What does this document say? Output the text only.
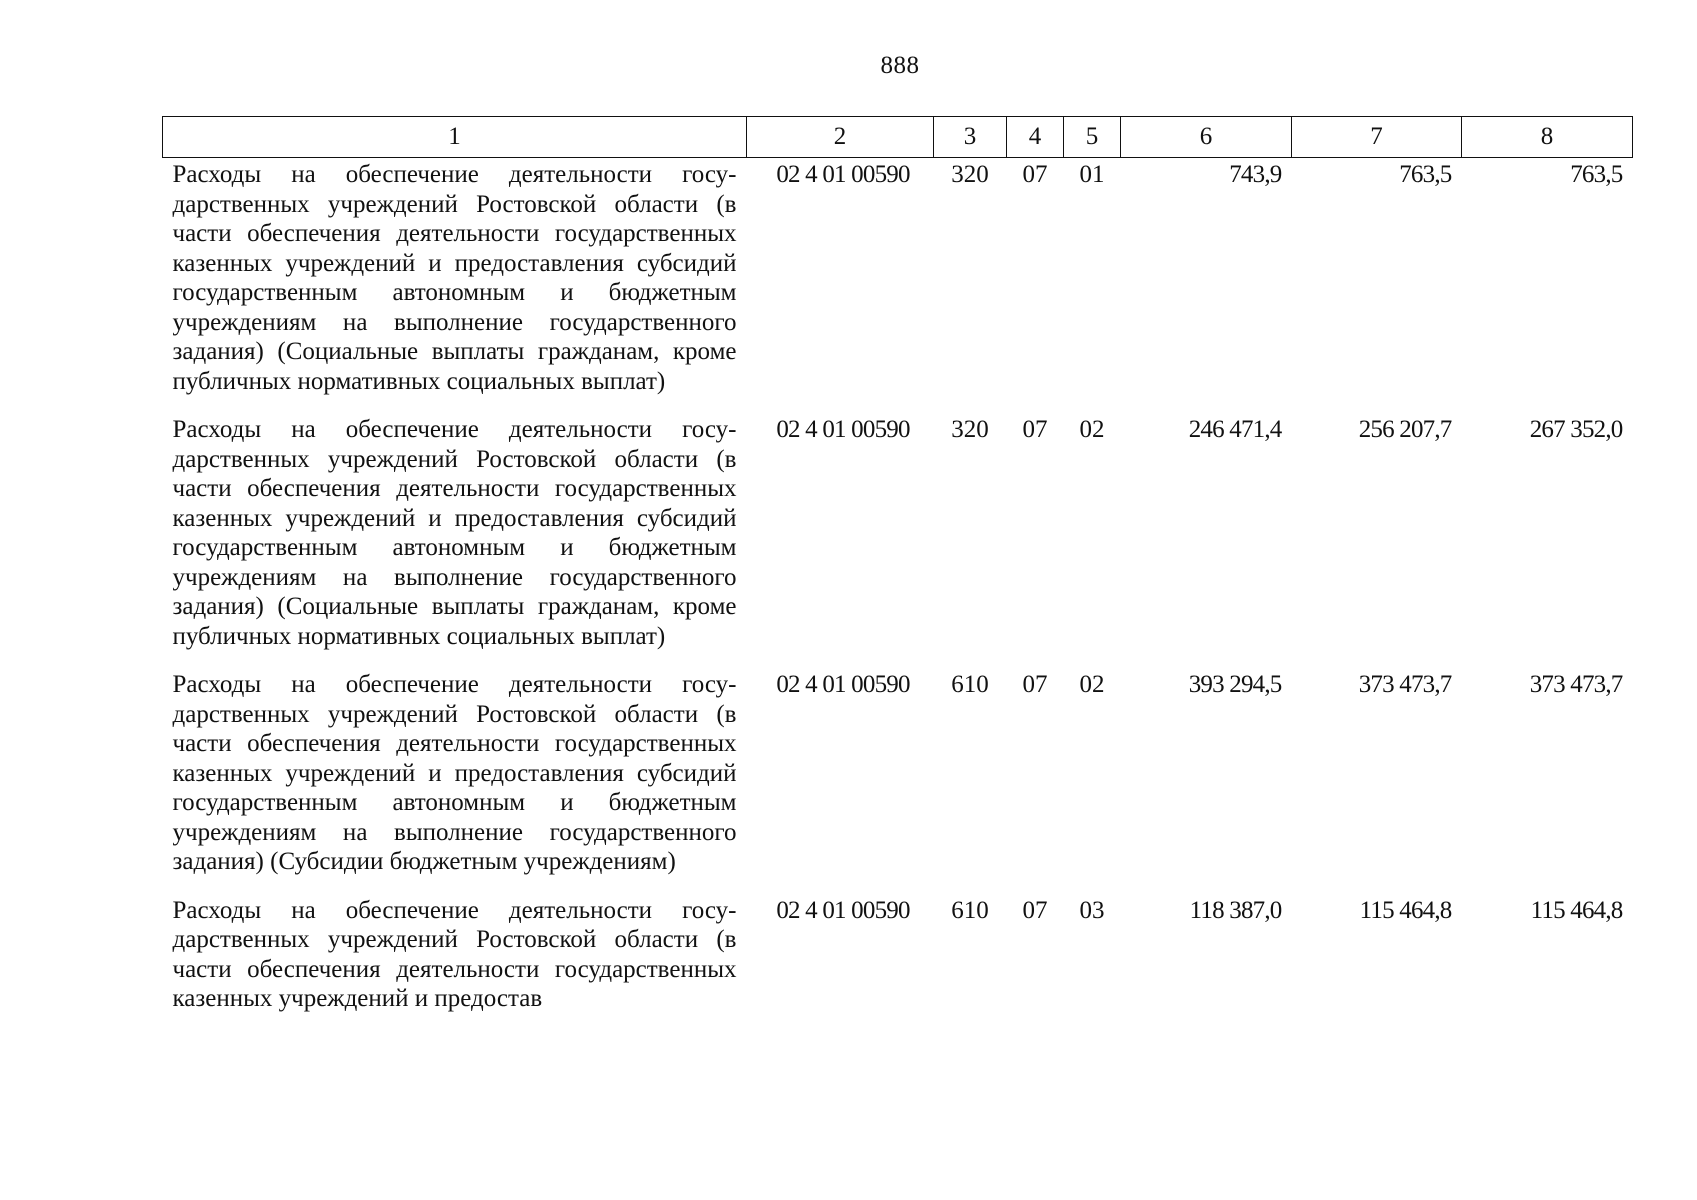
888
1	2	3	4	5	6	7	8
Расходы на обеспечение деятельности государственных учреждений Ростовской области (в части обеспечения деятельности государственных казенных учреждений и предоставления субсидий государственным автономным и бюджетным учреждениям на выполнение государственного задания) (Социальные выплаты гражданам, кроме публичных нормативных социальных выплат)	02 4 01 00590	320	07	01	743,9	763,5	763,5
Расходы на обеспечение деятельности государственных учреждений Ростовской области (в части обеспечения деятельности государственных казенных учреждений и предоставления субсидий государственным автономным и бюджетным учреждениям на выполнение государственного задания) (Социальные выплаты гражданам, кроме публичных нормативных социальных выплат)	02 4 01 00590	320	07	02	246 471,4	256 207,7	267 352,0
Расходы на обеспечение деятельности государственных учреждений Ростовской области (в части обеспечения деятельности государственных казенных учреждений и предоставления субсидий государственным автономным и бюджетным учреждениям на выполнение государственного задания) (Субсидии бюджетным учреждениям)	02 4 01 00590	610	07	02	393 294,5	373 473,7	373 473,7
Расходы на обеспечение деятельности государственных учреждений Ростовской области (в части обеспечения деятельности государственных казенных учреждений и предостав	02 4 01 00590	610	07	03	118 387,0	115 464,8	115 464,8
